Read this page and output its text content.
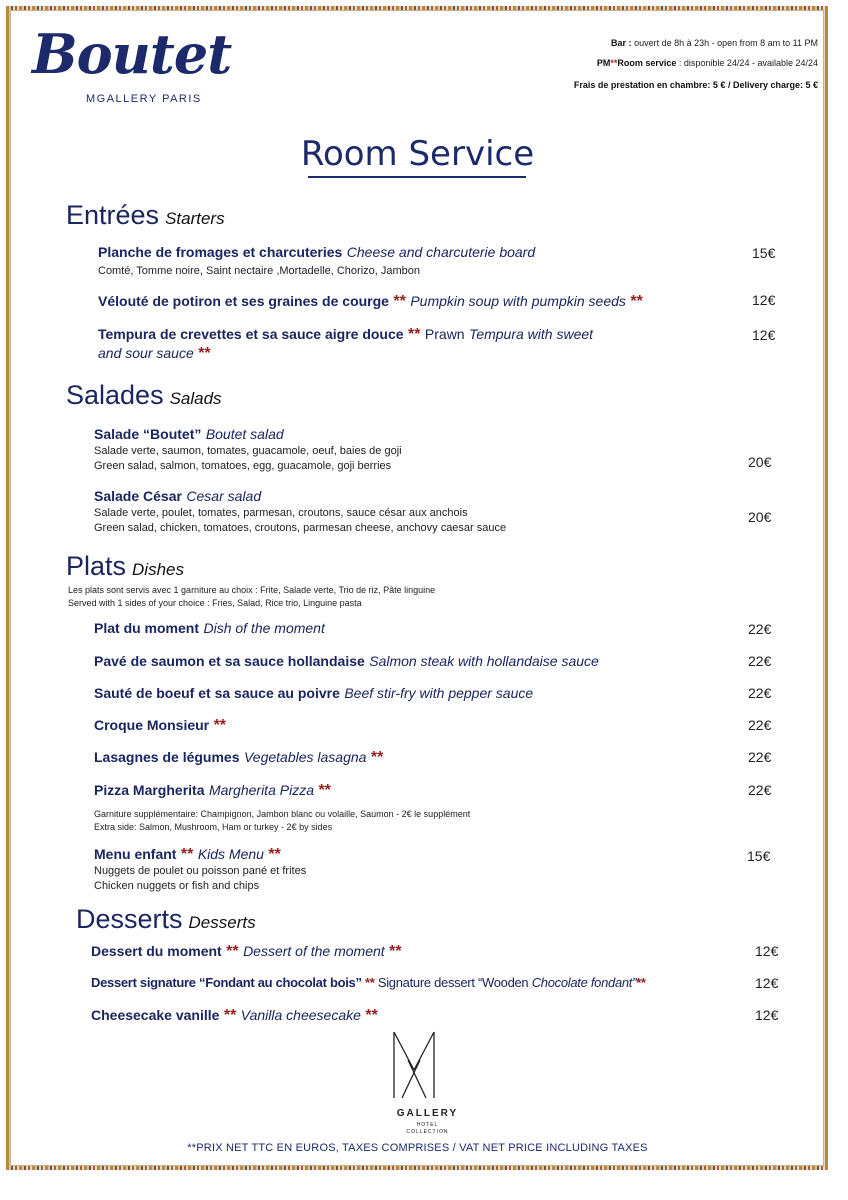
Boutet
MGALLERY PARIS
Bar : ouvert de 8h à 23h - open from 8 am to 11 PM
PM**Room service : disponible 24/24 - available 24/24
Frais de prestation en chambre: 5 € / Delivery charge: 5 €
Room Service
Entrées Starters
Planche de fromages et charcuteries Cheese and charcuterie board
Comté, Tomme noire, Saint nectaire ,Mortadelle, Chorizo, Jambon
15€
Vélouté de potiron et ses graines de courge ** Pumpkin soup with pumpkin seeds **	12€
Tempura de crevettes et sa sauce aigre douce ** Prawn Tempura with sweet
and sour sauce **
12€
Salades Salads
Salade “Boutet” Boutet salad
Salade verte, saumon, tomates, guacamole, oeuf, baies de goji
Green salad, salmon, tomatoes, egg, guacamole, goji berries	20€
Salade César Cesar salad
Salade verte, poulet, tomates, parmesan, croutons, sauce césar aux anchois
Green salad, chicken, tomatoes, croutons, parmesan cheese, anchovy caesar sauce
20€
Plats Dishes
Les plats sont servis avec 1 garniture au choix : Frite, Salade verte, Trio de riz, Pâte linguine
Served with 1 sides of your choice : Fries, Salad, Rice trio, Linguine pasta
Plat du moment Dish of the moment	22€
Pavé de saumon et sa sauce hollandaise Salmon steak with hollandaise sauce	22€
Sauté de boeuf et sa sauce au poivre Beef stir-fry with pepper sauce	22€
Croque Monsieur **	22€
Lasagnes de légumes Vegetables lasagna **	22€
Pizza Margherita Margherita Pizza **	22€
Garniture supplémentaire: Champignon, Jambon blanc ou volaille, Saumon - 2€ le supplément
Extra side: Salmon, Mushroom, Ham or turkey - 2€ by sides
Menu enfant ** Kids Menu **
Nuggets de poulet ou poisson pané et frites
Chicken nuggets or fish and chips
15€
Desserts Desserts
Dessert du moment ** Dessert of the moment **	12€
Dessert signature “Fondant au chocolat bois” ** Signature dessert “Wooden Chocolate fondant”**	12€
Cheesecake vanille ** Vanilla cheesecake **	12€
GALLERY
HOTEL
COLLECTION
**PRIX NET TTC EN EUROS, TAXES COMPRISES / VAT NET PRICE INCLUDING TAXES
